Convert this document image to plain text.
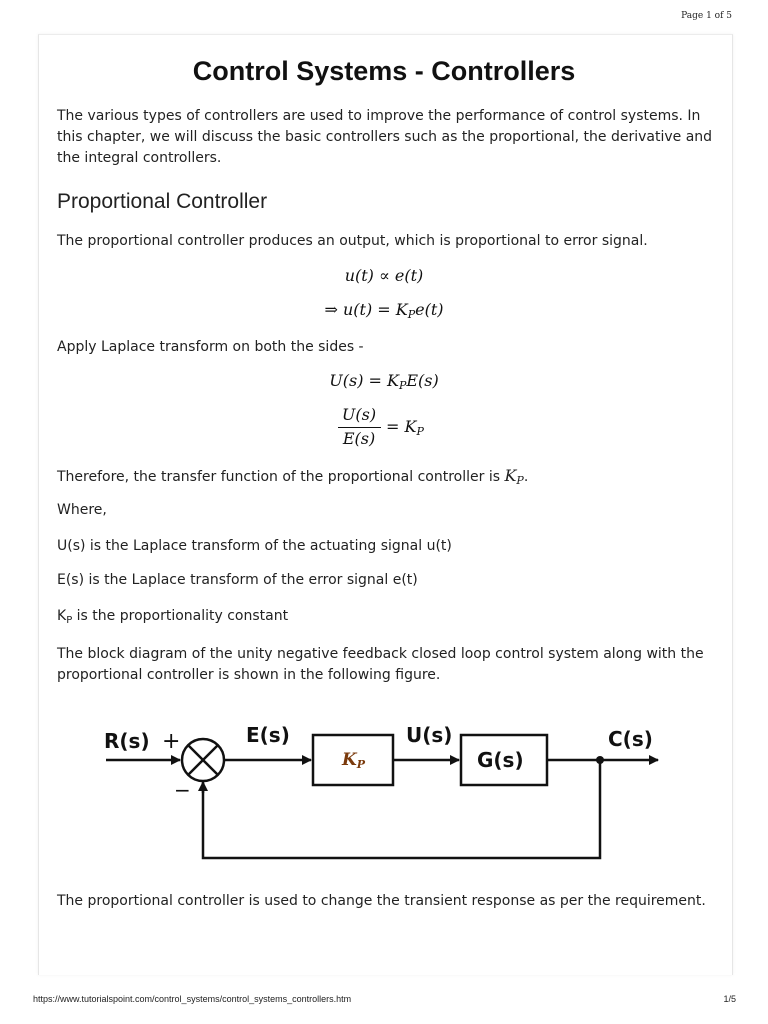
Page 1 of 5
Control Systems - Controllers

The various types of controllers are used to improve the performance of control systems. In this chapter, we will discuss the basic controllers such as the proportional, the derivative and the integral controllers.

Proportional Controller

The proportional controller produces an output, which is proportional to error signal.

u(t) ∝ e(t)
⇒ $u(t) = K_Pe(t)$

Apply Laplace transform on both the sides -

$U(s) = K_PE(s)$
U(s)
E(s)
= $K_P$

Therefore, the transfer function of the proportional controller is $K_P$.

Where,

U(s) is the Laplace transform of the actuating signal u(t)

E(s) is the Laplace transform of the error signal e(t)

$K_P$ is the proportionality constant

The block diagram of the unity negative feedback closed loop control system along with the proportional controller is shown in the following figure.

R(s) +
−
E(s)	U(s)
G(s)
C(s)
KP

The proportional controller is used to change the transient response as per the requirement.

https://www.tutorialspoint.com/control_systems/control_systems_controllers.htm	1/5
